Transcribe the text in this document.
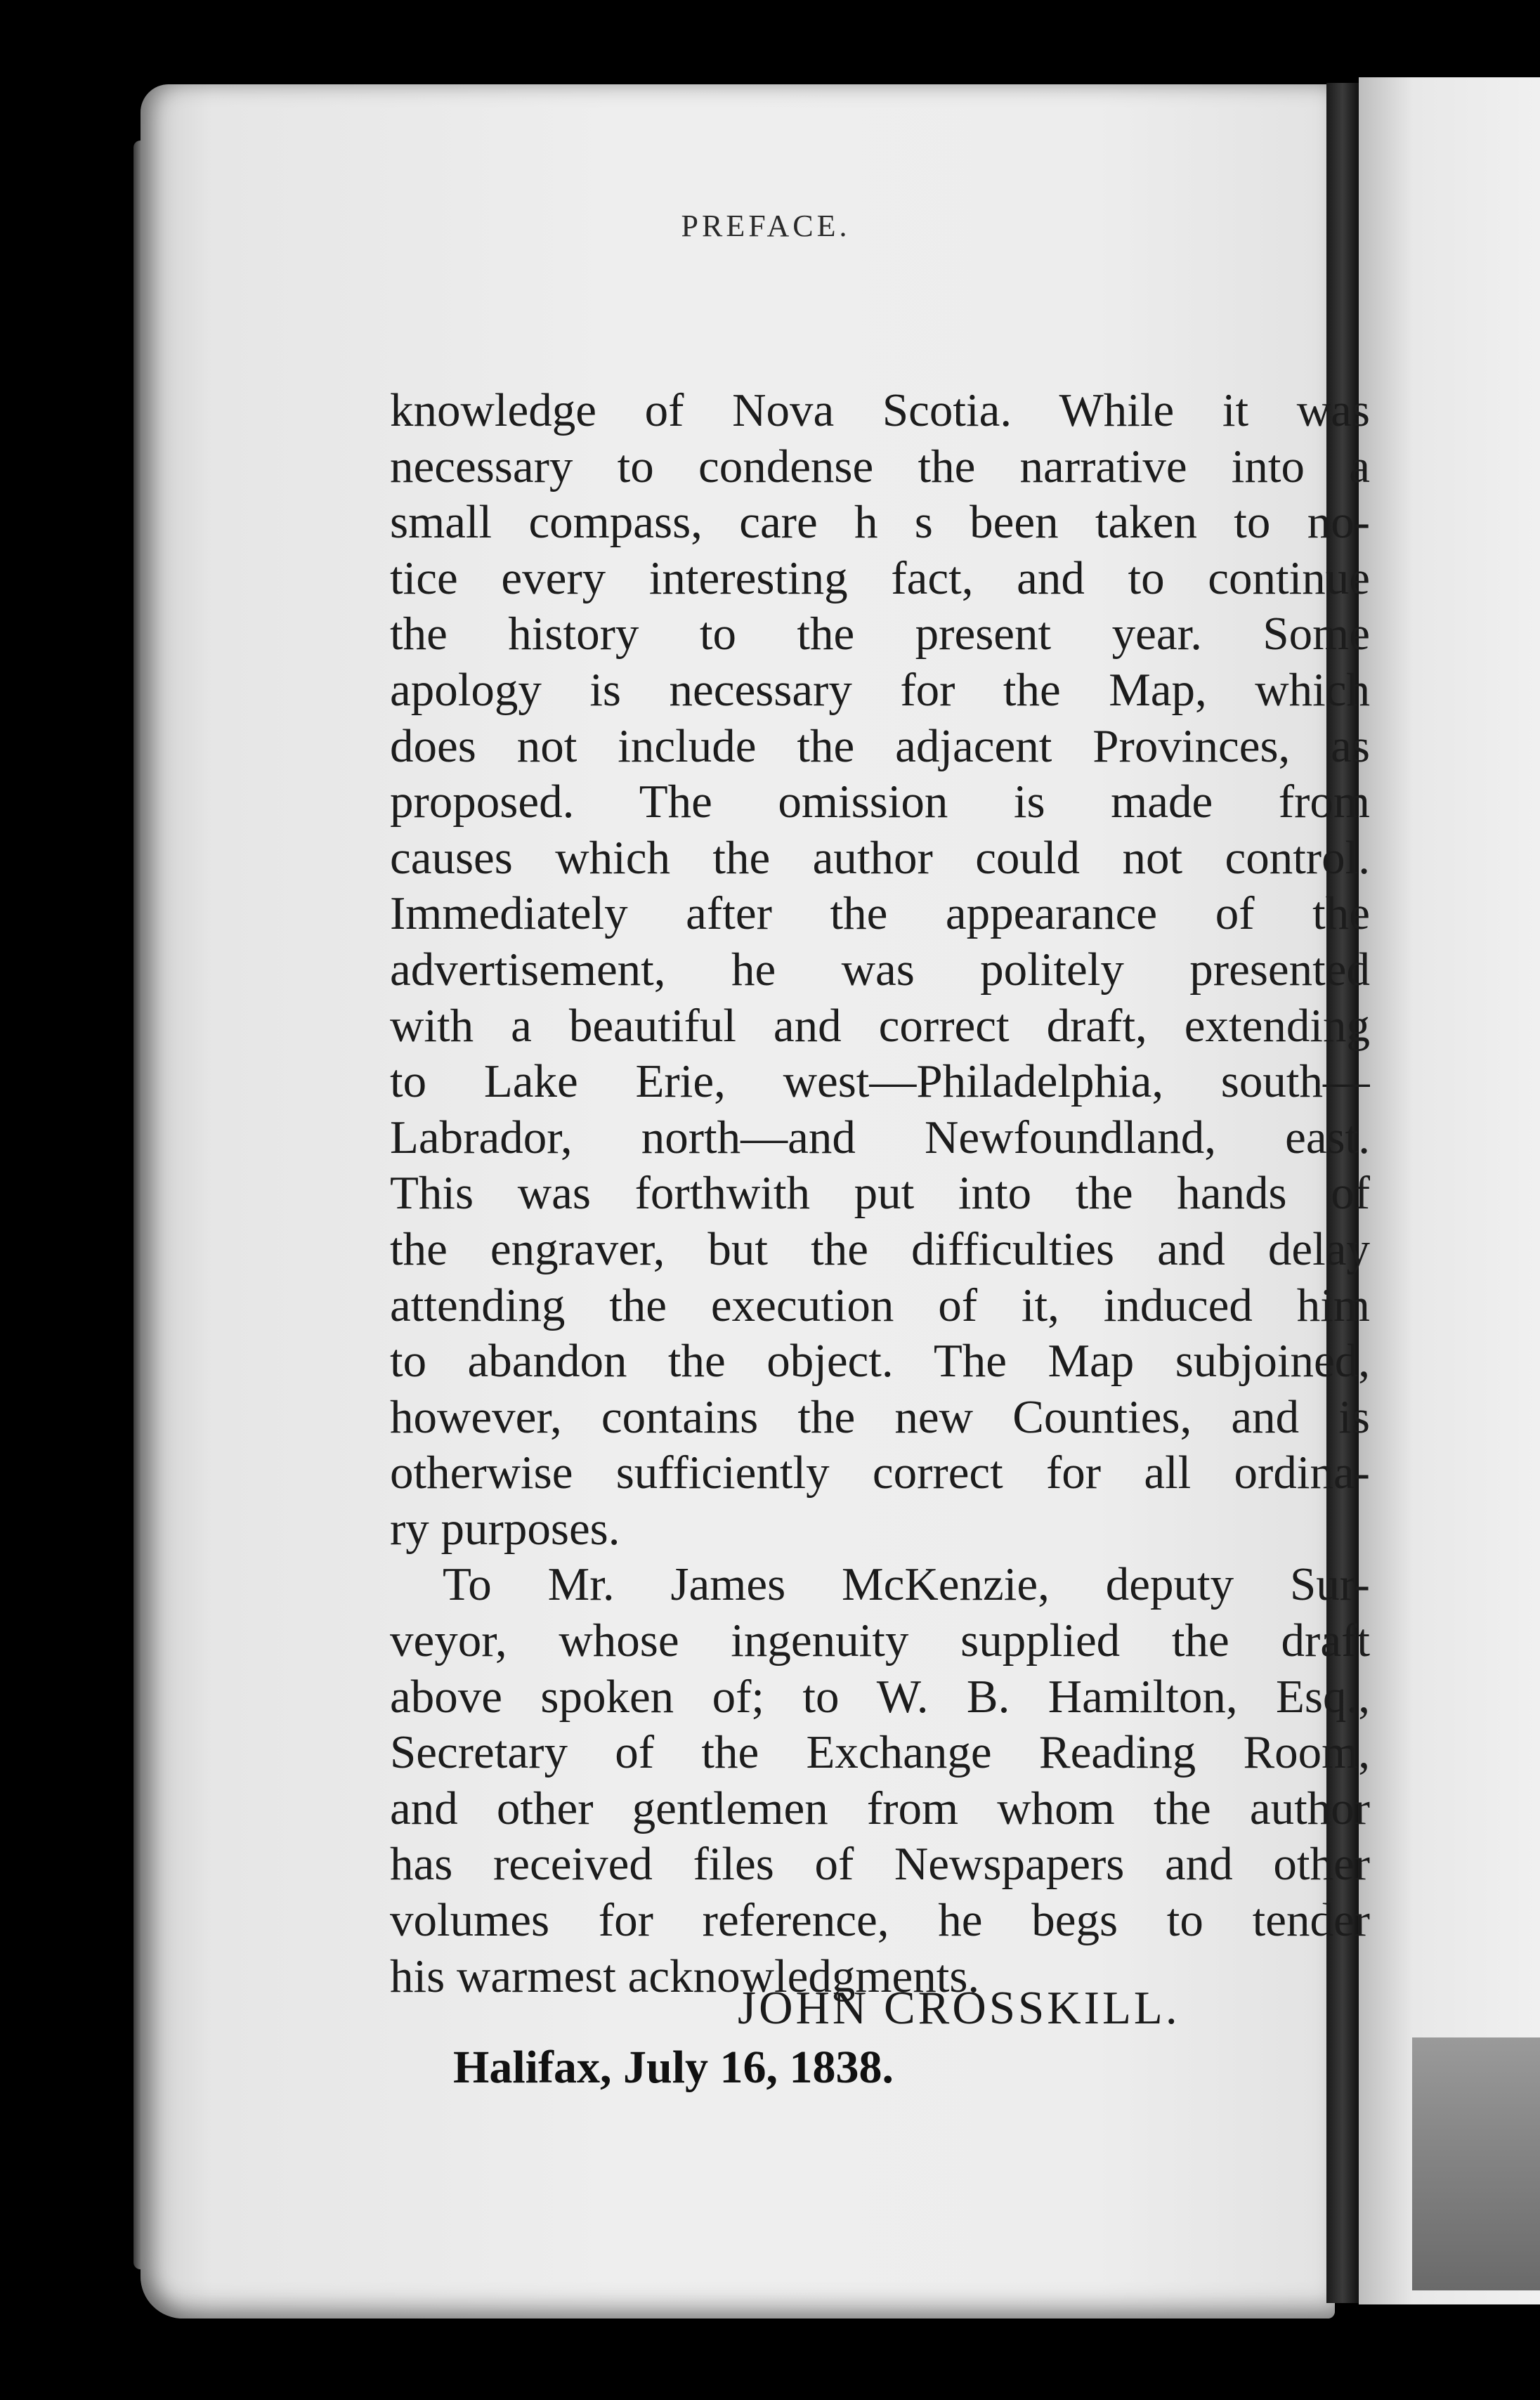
PREFACE.
knowledge of Nova Scotia. While it was
necessary to condense the narrative into a
small compass, care h s been taken to no-
tice every interesting fact, and to continue
the history to the present year. Some
apology is necessary for the Map, which
does not include the adjacent Provinces, as
proposed. The omission is made from
causes which the author could not control.
Immediately after the appearance of the
advertisement, he was politely presented
with a beautiful and correct draft, extending
to Lake Erie, west—Philadelphia, south—
Labrador, north—and Newfoundland, east.
This was forthwith put into the hands of
the engraver, but the difficulties and delay
attending the execution of it, induced him
to abandon the object. The Map subjoined,
however, contains the new Counties, and is
otherwise sufficiently correct for all ordina-
ry purposes.
To Mr. James McKenzie, deputy Sur-
veyor, whose ingenuity supplied the draft
above spoken of; to W. B. Hamilton, Esq.,
Secretary of the Exchange Reading Room,
and other gentlemen from whom the author
has received files of Newspapers and other
volumes for reference, he begs to tender
his warmest acknowledgments.
JOHN CROSSKILL.
Halifax, July 16, 1838.
